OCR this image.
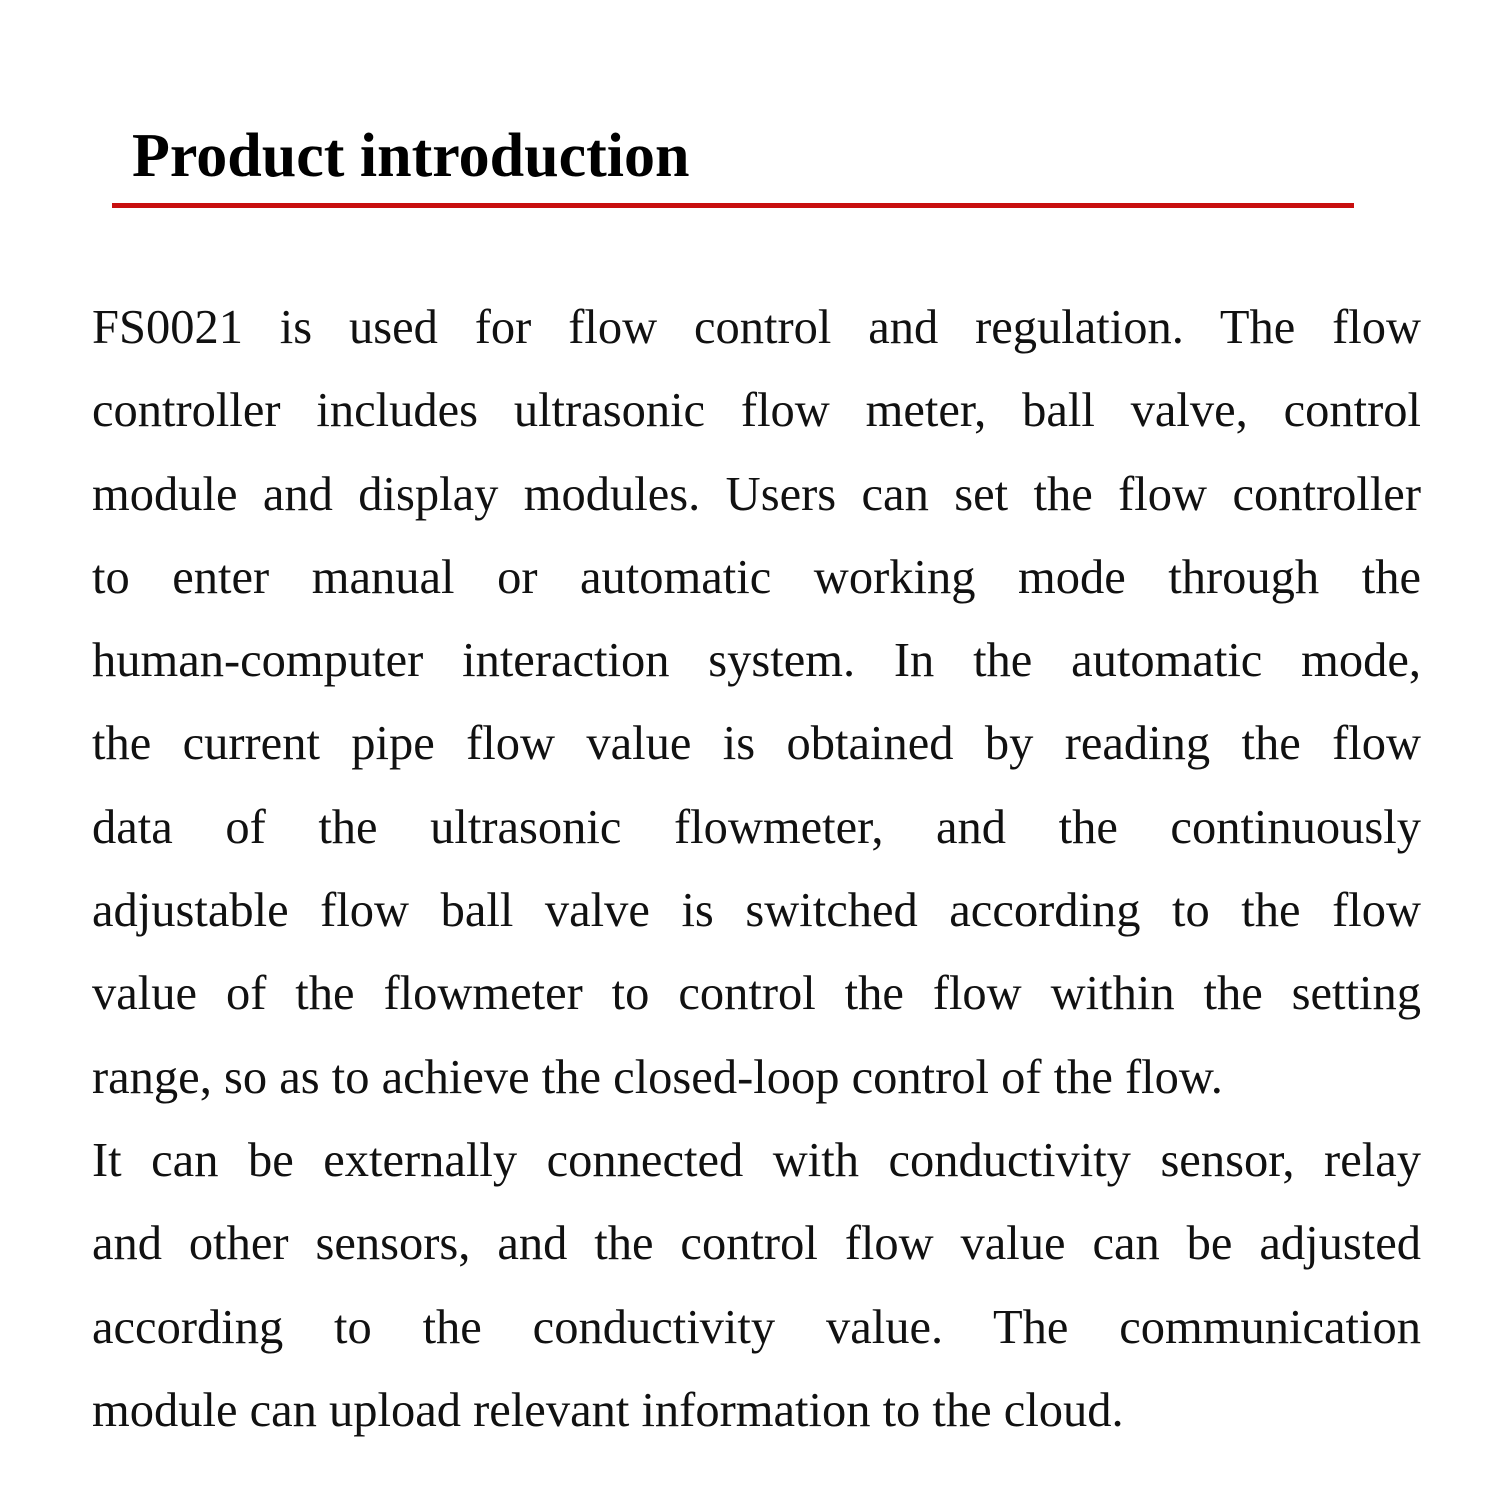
Product introduction
FS0021 is used for flow control and regulation. The flow
controller includes ultrasonic flow meter, ball valve, control
module and display modules. Users can set the flow controller
to enter manual or automatic working mode through the
human-computer interaction system. In the automatic mode,
the current pipe flow value is obtained by reading the flow
data of the ultrasonic flowmeter, and the continuously
adjustable flow ball valve is switched according to the flow
value of the flowmeter to control the flow within the setting
range, so as to achieve the closed-loop control of the flow.
It can be externally connected with conductivity sensor, relay
and other sensors, and the control flow value can be adjusted
according to the conductivity value. The communication
module can upload relevant information to the cloud.
